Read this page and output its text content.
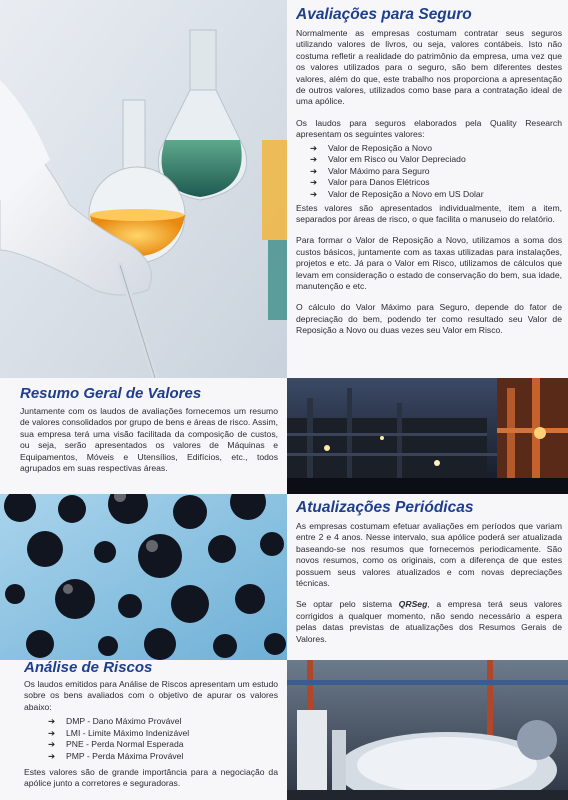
Avaliações para Seguro

Normalmente as empresas costumam contratar seus seguros utilizando valores de livros, ou seja, valores contábeis. Isto não costuma refletir a realidade do patrimônio da empresa, uma vez que os valores utilizados para o seguro, são bem diferentes destes valores, além do que, este trabalho nos proporciona a apresentação de outros valores, utilizados como base para a contratação ideal de uma apólice.

Os laudos para seguros elaborados pela Quality Research apresentam os seguintes valores:

➔	Valor de Reposição a Novo
➔	Valor em Risco ou Valor Depreciado
➔	Valor Máximo para Seguro
➔	Valor para Danos Elétricos
➔	Valor de Reposição a Novo em US Dolar

Estes valores são apresentados individualmente, item a item, separados por áreas de risco, o que facilita o manuseio do relatório.

Para formar o Valor de Reposição a Novo, utilizamos a soma dos custos básicos, juntamente com as taxas utilizadas para instalações, projetos e etc. Já para o Valor em Risco, utilizamos de cálculos que levam em consideração o estado de conservação do bem, sua idade, manutenção e etc.

O cálculo do Valor Máximo para Seguro, depende do fator de depreciação do bem, podendo ter como resultado seu Valor de Reposição a Novo ou duas vezes seu Valor em Risco.

Resumo Geral de Valores

Juntamente com os laudos de avaliações fornecemos um resumo de valores consolidados por grupo de bens e áreas de risco. Assim, sua empresa terá uma visão facilitada da composição de custos, ou seja, serão apresentados os valores de Máquinas e Equipamentos, Móveis e Utensílios, Edifícios, etc., todos agrupados em suas respectivas áreas.

Atualizações Periódicas

As empresas costumam efetuar avaliações em períodos que variam entre 2 e 4 anos. Nesse intervalo, sua apólice poderá ser atualizada baseando-se nos resumos que fornecemos periodicamente. São novos resumos, como os originais, com a diferença de que estes possuem seus valores atualizados e com novas depreciações técnicas.

Se optar pelo sistema QRSeg, a empresa terá seus valores corrigidos a qualquer momento, não sendo necessário a espera pelas datas previstas de atualizações dos Resumos Gerais de Valores.

Análise de Riscos

Os laudos emitidos para Análise de Riscos apresentam um estudo sobre os bens avaliados com o objetivo de apurar os valores abaixo:

➔	DMP - Dano Máximo Provável
➔	LMI - Limite Máximo Indenizável
➔	PNE - Perda Normal Esperada
➔	PMP - Perda Máxima Provável

Estes valores são de grande importância para a negociação da apólice junto a corretores e seguradoras.
